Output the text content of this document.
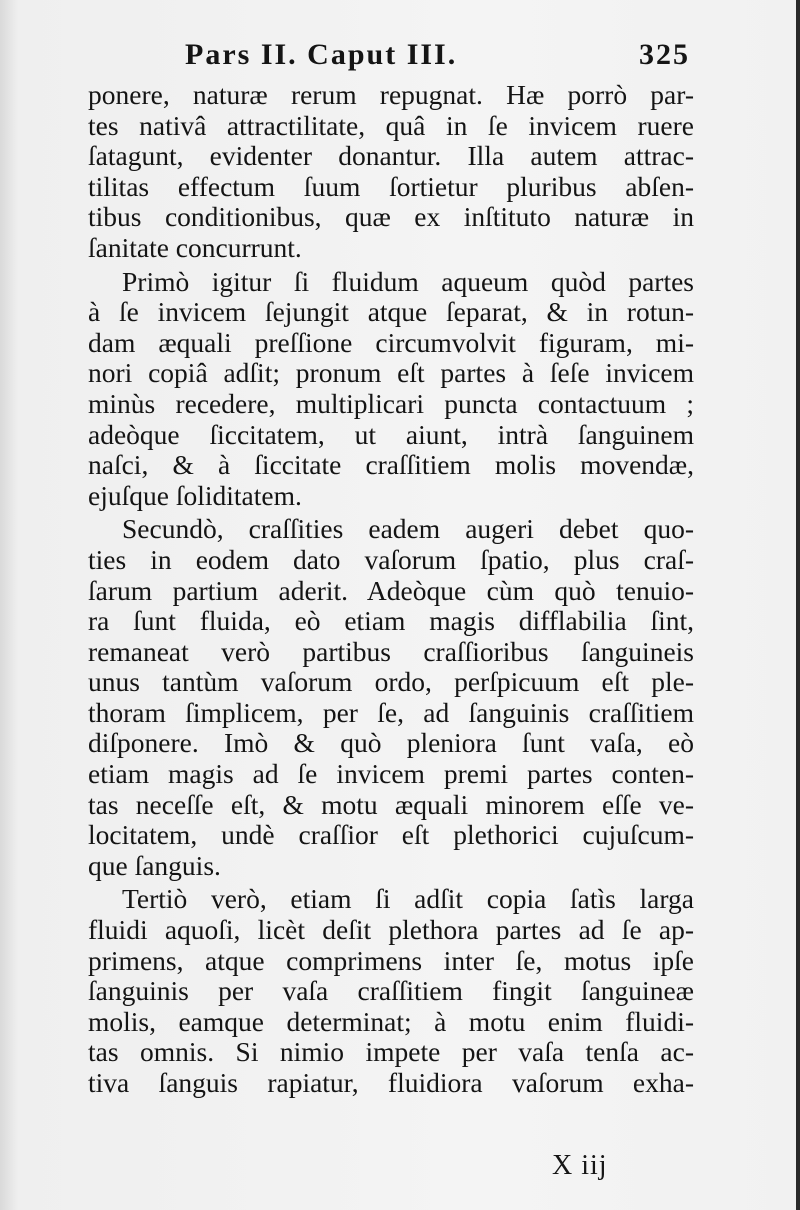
Pars II. Caput III.	325
ponere, naturæ rerum repugnat. Hæ porrò par-
tes nativâ attractilitate, quâ in ſe invicem ruere
ſatagunt, evidenter donantur. Illa autem attrac-
tilitas effectum ſuum ſortietur pluribus abſen-
tibus conditionibus, quæ ex inſtituto naturæ in
ſanitate concurrunt.
Primò igitur ſi fluidum aqueum quòd partes
à ſe invicem ſejungit atque ſeparat, & in rotun-
dam æquali preſſione circumvolvit figuram, mi-
nori copiâ adſit; pronum eſt partes à ſeſe invicem
minùs recedere, multiplicari puncta contactuum ;
adeòque ſiccitatem, ut aiunt, intrà ſanguinem
naſci, & à ſiccitate craſſitiem molis movendæ,
ejuſque ſoliditatem.
Secundò, craſſities eadem augeri debet quo-
ties in eodem dato vaſorum ſpatio, plus craſ-
ſarum partium aderit. Adeòque cùm quò tenuio-
ra ſunt fluida, eò etiam magis difflabilia ſint,
remaneat verò partibus craſſioribus ſanguineis
unus tantùm vaſorum ordo, perſpicuum eſt ple-
thoram ſimplicem, per ſe, ad ſanguinis craſſitiem
diſponere. Imò & quò pleniora ſunt vaſa, eò
etiam magis ad ſe invicem premi partes conten-
tas neceſſe eſt, & motu æquali minorem eſſe ve-
locitatem, undè craſſior eſt plethorici cujuſcum-
que ſanguis.
Tertiò verò, etiam ſi adſit copia ſatìs larga
fluidi aquoſi, licèt deſit plethora partes ad ſe ap-
primens, atque comprimens inter ſe, motus ipſe
ſanguinis per vaſa craſſitiem fingit ſanguineæ
molis, eamque determinat; à motu enim fluidi-
tas omnis. Si nimio impete per vaſa tenſa ac-
tiva ſanguis rapiatur, fluidiora vaſorum exha-
X iij
